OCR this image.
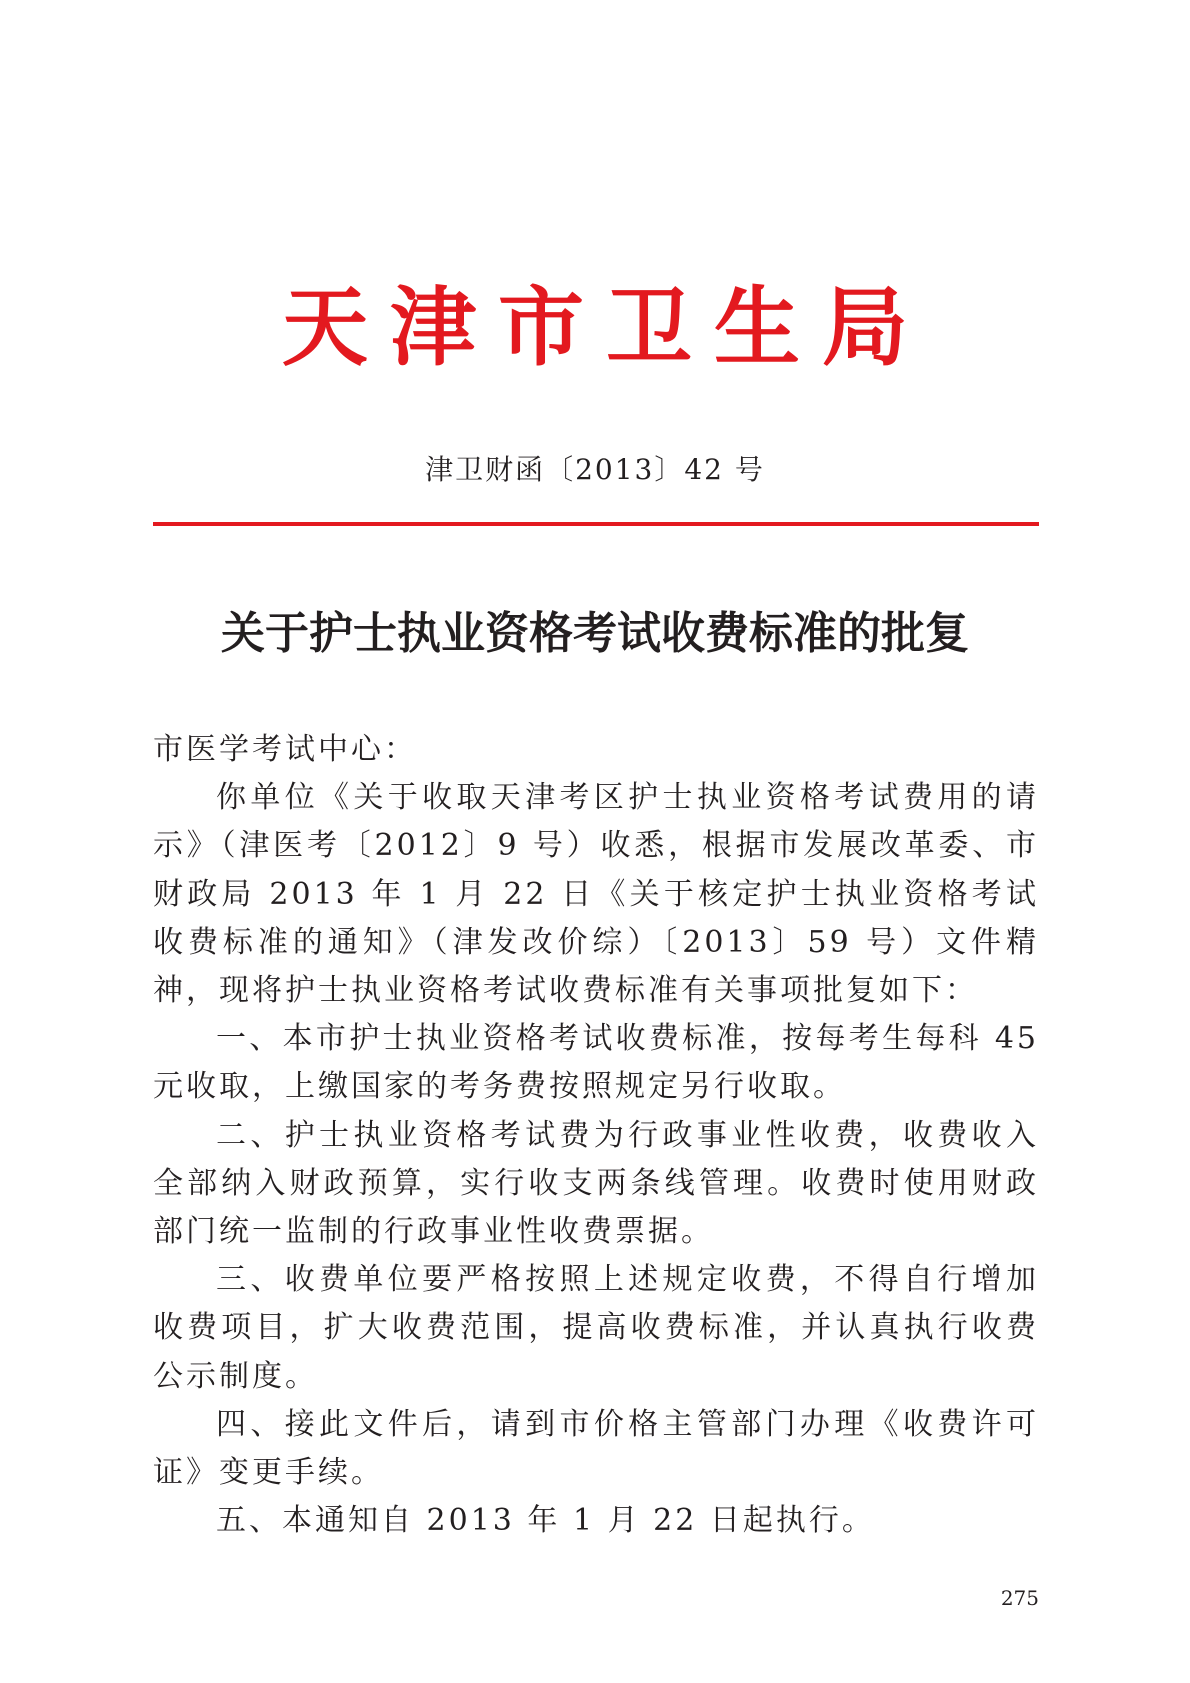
天津市卫生局
津卫财函〔2013〕42 号
关于护士执业资格考试收费标准的批复

市医学考试中心：

你单位《关于收取天津考区护士执业资格考试费用的请示》（津医考〔2012〕9 号）收悉，根据市发展改革委、市财政局 2013 年 1 月 22 日《关于核定护士执业资格考试收费标准的通知》（津发改价综）〔2013〕59 号）文件精神，现将护士执业资格考试收费标准有关事项批复如下：

一、本市护士执业资格考试收费标准，按每考生每科 45 元收取，上缴国家的考务费按照规定另行收取。

二、护士执业资格考试费为行政事业性收费，收费收入全部纳入财政预算，实行收支两条线管理。收费时使用财政部门统一监制的行政事业性收费票据。

三、收费单位要严格按照上述规定收费，不得自行增加收费项目，扩大收费范围，提高收费标准，并认真执行收费公示制度。

四、接此文件后，请到市价格主管部门办理《收费许可证》变更手续。

五、本通知自 2013 年 1 月 22 日起执行。

275
